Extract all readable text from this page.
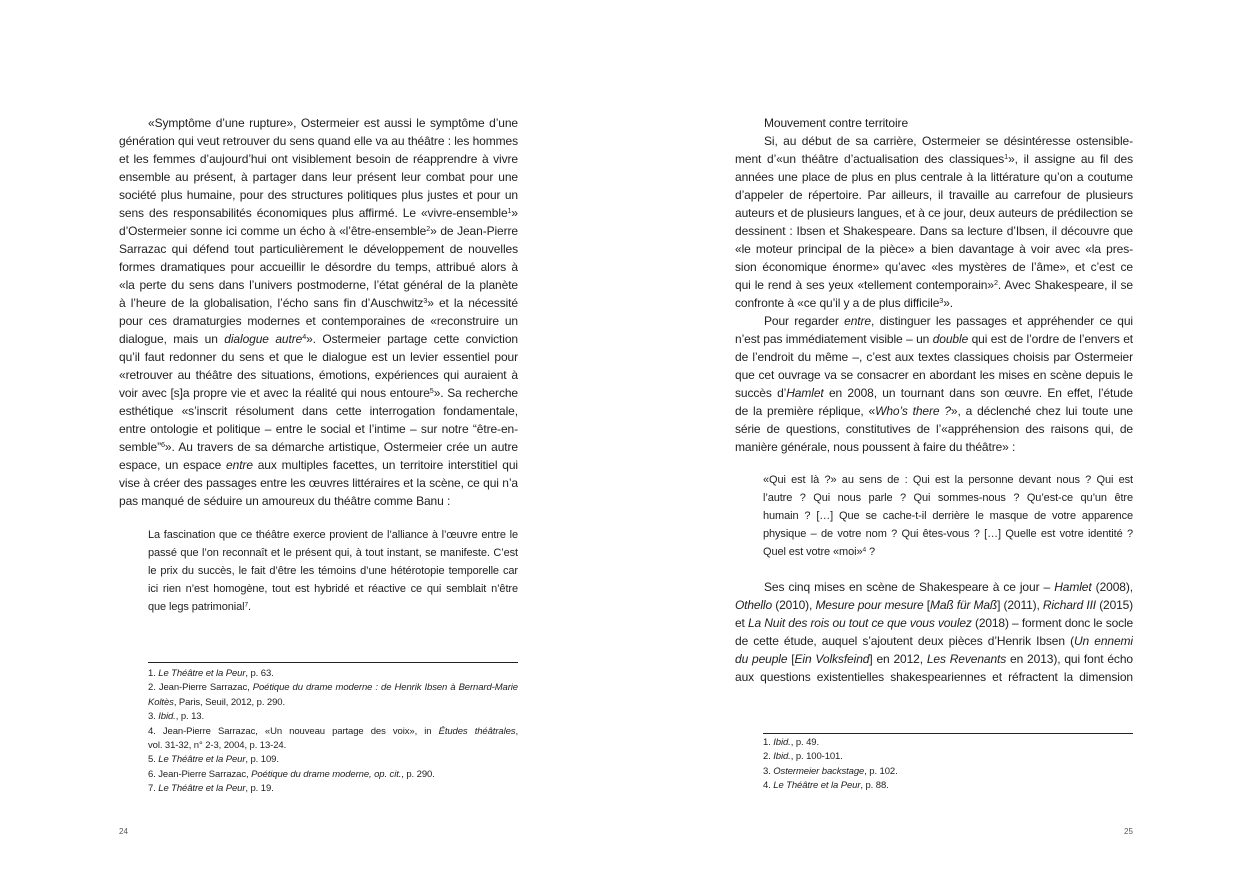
«Symptôme d’une rupture», Ostermeier est aussi le symptôme d’une
génération qui veut retrouver du sens quand elle va au théâtre : les hommes
et les femmes d’aujourd’hui ont visiblement besoin de réapprendre à vivre
ensemble au présent, à partager dans leur présent leur combat pour une
société plus humaine, pour des structures politiques plus justes et pour un
sens des responsabilités économiques plus affirmé. Le «vivre-ensemble$^1$»
d’Ostermeier sonne ici comme un écho à «l’être-ensemble$^2$» de Jean-Pierre
Sarrazac qui défend tout particulièrement le développement de nouvelles
formes dramatiques pour accueillir le désordre du temps, attribué alors à
«la perte du sens dans l’univers postmoderne, l’état général de la planète
à l’heure de la globalisation, l’écho sans fin d’Auschwitz$^3$» et la nécessité
pour ces dramaturgies modernes et contemporaines de «reconstruire un
dialogue, mais un dialogue autre$^4$». Ostermeier partage cette conviction
qu’il faut redonner du sens et que le dialogue est un levier essentiel pour
«retrouver au théâtre des situations, émotions, expériences qui auraient à
voir avec [s]a propre vie et avec la réalité qui nous entoure$^5$». Sa recherche
esthétique «s’inscrit résolument dans cette interrogation fondamentale,
entre ontologie et politique – entre le social et l’intime – sur notre “être-en-
semble”$^6$». Au travers de sa démarche artistique, Ostermeier crée un autre
espace, un espace entre aux multiples facettes, un territoire interstitiel qui
vise à créer des passages entre les œuvres littéraires et la scène, ce qui n’a
pas manqué de séduire un amoureux du théâtre comme Banu :
La fascination que ce théâtre exerce provient de l’alliance à l’œuvre entre le
passé que l’on reconnaît et le présent qui, à tout instant, se manifeste. C’est
le prix du succès, le fait d’être les témoins d’une hétérotopie temporelle car
ici rien n’est homogène, tout est hybridé et réactive ce qui semblait n’être
que legs patrimonial$^7$.
1. Le Théâtre et la Peur, p. 63.
2. Jean-Pierre Sarrazac, Poétique du drame moderne : de Henrik Ibsen à Bernard-Marie
Koltès, Paris, Seuil, 2012, p. 290.
3. Ibid., p. 13.
4. Jean-Pierre Sarrazac, «Un nouveau partage des voix», in Études théâtrales,
vol. 31-32, n° 2-3, 2004, p. 13-24.
5. Le Théâtre et la Peur, p. 109.
6. Jean-Pierre Sarrazac, Poétique du drame moderne, op. cit., p. 290.
7. Le Théâtre et la Peur, p. 19.
24
Mouvement contre territoire
Si, au début de sa carrière, Ostermeier se désintéresse ostensible-
ment d’«un théâtre d’actualisation des classiques$^1$», il assigne au fil des
années une place de plus en plus centrale à la littérature qu’on a coutume
d’appeler de répertoire. Par ailleurs, il travaille au carrefour de plusieurs
auteurs et de plusieurs langues, et à ce jour, deux auteurs de prédilection se
dessinent : Ibsen et Shakespeare. Dans sa lecture d’Ibsen, il découvre que
«le moteur principal de la pièce» a bien davantage à voir avec «la pres-
sion économique énorme» qu’avec «les mystères de l’âme», et c’est ce
qui le rend à ses yeux «tellement contemporain»$^2$. Avec Shakespeare, il se
confronte à «ce qu’il y a de plus difficile$^3$».
Pour regarder entre, distinguer les passages et appréhender ce qui
n’est pas immédiatement visible – un double qui est de l’ordre de l’envers et
de l’endroit du même –, c’est aux textes classiques choisis par Ostermeier
que cet ouvrage va se consacrer en abordant les mises en scène depuis le
succès d’Hamlet en 2008, un tournant dans son œuvre. En effet, l’étude
de la première réplique, «Who’s there ?», a déclenché chez lui toute une
série de questions, constitutives de l’«appréhension des raisons qui, de
manière générale, nous poussent à faire du théâtre» :
«Qui est là ?» au sens de : Qui est la personne devant nous ? Qui est
l’autre ? Qui nous parle ? Qui sommes-nous ? Qu’est-ce qu’un être
humain ? […] Que se cache-t-il derrière le masque de votre apparence
physique – de votre nom ? Qui êtes-vous ? […] Quelle est votre identité ?
Quel est votre «moi»$^4$ ?
Ses cinq mises en scène de Shakespeare à ce jour – Hamlet (2008),
Othello (2010), Mesure pour mesure [Maß für Maß] (2011), Richard III (2015)
et La Nuit des rois ou tout ce que vous voulez (2018) – forment donc le socle
de cette étude, auquel s’ajoutent deux pièces d’Henrik Ibsen (Un ennemi
du peuple [Ein Volksfeind] en 2012, Les Revenants en 2013), qui font écho
aux questions existentielles shakespeariennes et réfractent la dimension
1. Ibid., p. 49.
2. Ibid., p. 100-101.
3. Ostermeier backstage, p. 102.
4. Le Théâtre et la Peur, p. 88.
25
